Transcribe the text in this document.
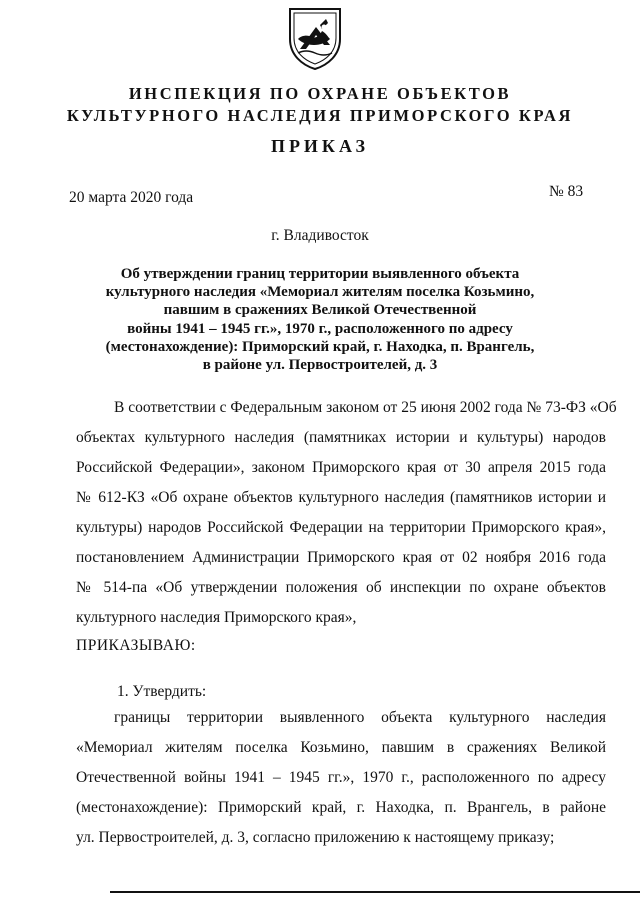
ИНСПЕКЦИЯ ПО ОХРАНЕ ОБЪЕКТОВ
КУЛЬТУРНОГО НАСЛЕДИЯ ПРИМОРСКОГО КРАЯ
ПРИКАЗ
20 марта 2020 года	№ 83
г. Владивосток
Об утверждении границ территории выявленного объекта
культурного наследия «Мемориал жителям поселка Козьмино,
павшим в сражениях Великой Отечественной
войны 1941 – 1945 гг.», 1970 г., расположенного по адресу
(местонахождение): Приморский край, г. Находка, п. Врангель,
в районе ул. Первостроителей, д. 3
В соответствии с Федеральным законом от 25 июня 2002 года № 73-ФЗ «Об
объектах культурного наследия (памятниках истории и культуры) народов
Российской Федерации», законом Приморского края от 30 апреля 2015 года
№ 612-КЗ «Об охране объектов культурного наследия (памятников истории и
культуры) народов Российской Федерации на территории Приморского края»,
постановлением Администрации Приморского края от 02 ноября 2016 года
№ 514-па «Об утверждении положения об инспекции по охране объектов
культурного наследия Приморского края»,
ПРИКАЗЫВАЮ:
1. Утвердить:
границы территории выявленного объекта культурного наследия
«Мемориал жителям поселка Козьмино, павшим в сражениях Великой
Отечественной войны 1941 – 1945 гг.», 1970 г., расположенного по адресу
(местонахождение): Приморский край, г. Находка, п. Врангель, в районе
ул. Первостроителей, д. 3, согласно приложению к настоящему приказу;
